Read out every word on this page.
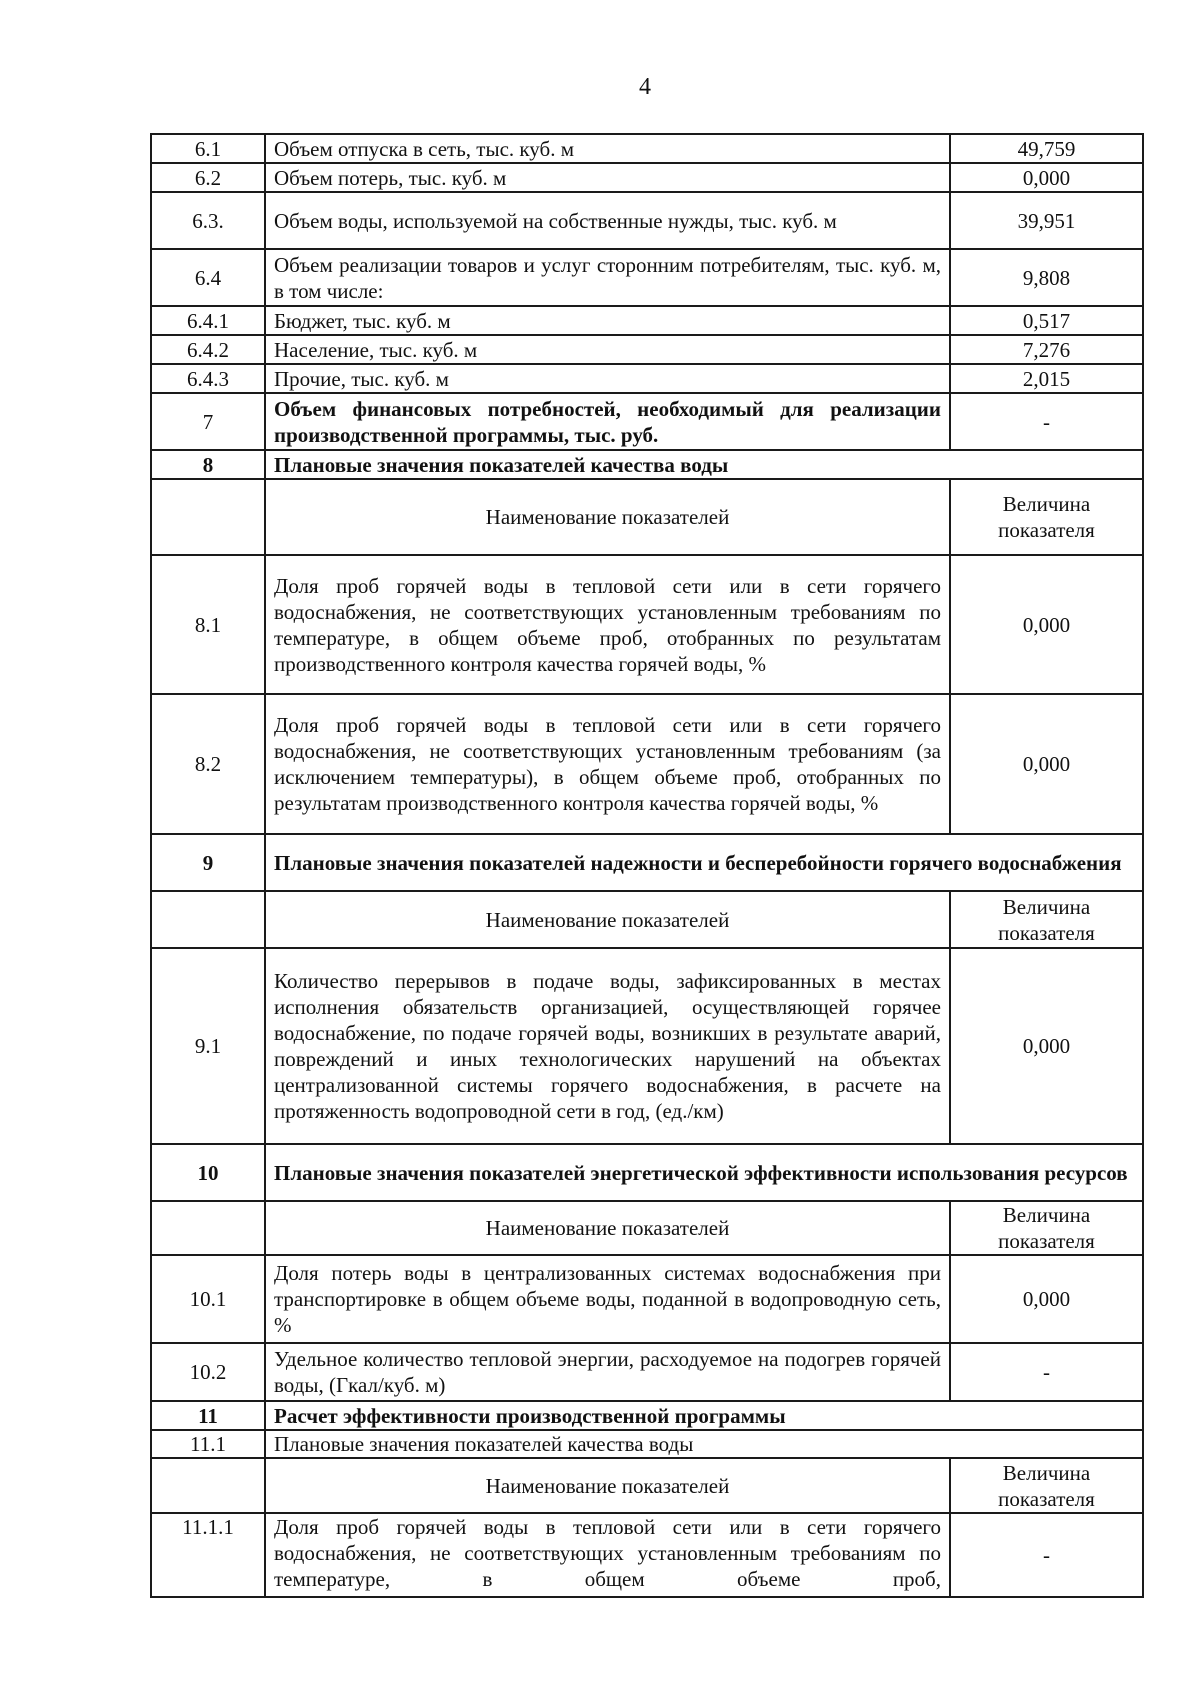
4
6.1	Объем отпуска в сеть, тыс. куб. м	49,759
6.2	Объем потерь, тыс. куб. м	0,000
6.3.	Объем воды, используемой на собственные нужды, тыс. куб. м	39,951
6.4	Объем реализации товаров и услуг сторонним потребителям, тыс. куб. м, в том числе:	9,808
6.4.1	Бюджет, тыс. куб. м	0,517
6.4.2	Население, тыс. куб. м	7,276
6.4.3	Прочие, тыс. куб. м	2,015
7	Объем финансовых потребностей, необходимый для реализации производственной программы, тыс. руб.	-
8	Плановые значения показателей качества воды	
	Наименование показателей	Величина показателя
8.1	Доля проб горячей воды в тепловой сети или в сети горячего водоснабжения, не соответствующих установленным требованиям по температуре, в общем объеме проб, отобранных по результатам производственного контроля качества горячей воды, %	0,000
8.2	Доля проб горячей воды в тепловой сети или в сети горячего водоснабжения, не соответствующих установленным требованиям (за исключением температуры), в общем объеме проб, отобранных по результатам производственного контроля качества горячей воды, %	0,000
9	Плановые значения показателей надежности и бесперебойности горячего водоснабжения	
	Наименование показателей	Величина показателя
9.1	Количество перерывов в подаче воды, зафиксированных в местах исполнения обязательств организацией, осуществляющей горячее водоснабжение, по подаче горячей воды, возникших в результате аварий, повреждений и иных технологических нарушений на объектах централизованной системы горячего водоснабжения, в расчете на протяженность водопроводной сети в год, (ед./км)	0,000
10	Плановые значения показателей энергетической эффективности использования ресурсов	
	Наименование показателей	Величина показателя
10.1	Доля потерь воды в централизованных системах водоснабжения при транспортировке в общем объеме воды, поданной в водопроводную сеть, %	0,000
10.2	Удельное количество тепловой энергии, расходуемое на подогрев горячей воды, (Гкал/куб. м)	-
11	Расчет эффективности производственной программы	
11.1	Плановые значения показателей качества воды	
	Наименование показателей	Величина показателя
11.1.1	Доля проб горячей воды в тепловой сети или в сети горячего водоснабжения, не соответствующих установленным требованиям по температуре, в общем объеме проб,	-
